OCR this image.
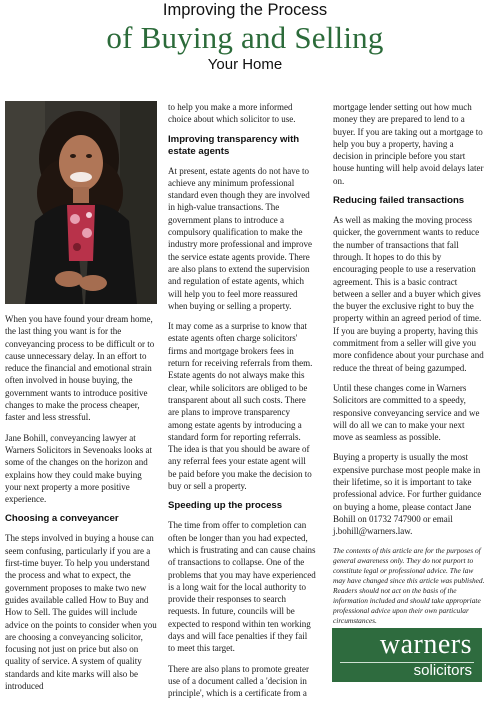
Improving the Process
of Buying and Selling
Your Home

When you have found your dream home, the last thing you want is for the conveyancing process to be difficult or to cause unnecessary delay. In an effort to reduce the financial and emotional strain often involved in house buying, the government wants to introduce positive changes to make the process cheaper, faster and less stressful.

Jane Bohill, conveyancing lawyer at Warners Solicitors in Sevenoaks looks at some of the changes on the horizon and explains how they could make buying your next property a more positive experience.

Choosing a conveyancer

The steps involved in buying a house can seem confusing, particularly if you are a first-time buyer. To help you understand the process and what to expect, the government proposes to make two new guides available called How to Buy and How to Sell. The guides will include advice on the points to consider when you are choosing a conveyancing solicitor, focusing not just on price but also on quality of service. A system of quality standards and kite marks will also be introduced

to help you make a more informed choice about which solicitor to use.

Improving transparency with estate agents

At present, estate agents do not have to achieve any minimum professional standard even though they are involved in high-value transactions. The government plans to introduce a compulsory qualification to make the industry more professional and improve the service estate agents provide. There are also plans to extend the supervision and regulation of estate agents, which will help you to feel more reassured when buying or selling a property.

It may come as a surprise to know that estate agents often charge solicitors' firms and mortgage brokers fees in return for receiving referrals from them. Estate agents do not always make this clear, while solicitors are obliged to be transparent about all such costs. There are plans to improve transparency among estate agents by introducing a standard form for reporting referrals. The idea is that you should be aware of any referral fees your estate agent will be paid before you make the decision to buy or sell a property.

Speeding up the process

The time from offer to completion can often be longer than you had expected, which is frustrating and can cause chains of transactions to collapse. One of the problems that you may have experienced is a long wait for the local authority to provide their responses to search requests. In future, councils will be expected to respond within ten working days and will face penalties if they fail to meet this target.

There are also plans to promote greater use of a document called a 'decision in principle', which is a certificate from a

mortgage lender setting out how much money they are prepared to lend to a buyer. If you are taking out a mortgage to help you buy a property, having a decision in principle before you start house hunting will help avoid delays later on.

Reducing failed transactions

As well as making the moving process quicker, the government wants to reduce the number of transactions that fall through. It hopes to do this by encouraging people to use a reservation agreement. This is a basic contract between a seller and a buyer which gives the buyer the exclusive right to buy the property within an agreed period of time. If you are buying a property, having this commitment from a seller will give you more confidence about your purchase and reduce the threat of being gazumped.

Until these changes come in Warners Solicitors are committed to a speedy, responsive conveyancing service and we will do all we can to make your next move as seamless as possible.

Buying a property is usually the most expensive purchase most people make in their lifetime, so it is important to take professional advice. For further guidance on buying a home, please contact Jane Bohill on 01732 747900 or email j.bohill@warners.law.

The contents of this article are for the purposes of general awareness only. They do not purport to constitute legal or professional advice. The law may have changed since this article was published. Readers should not act on the basis of the information included and should take appropriate professional advice upon their own particular circumstances.

warners
solicitors
